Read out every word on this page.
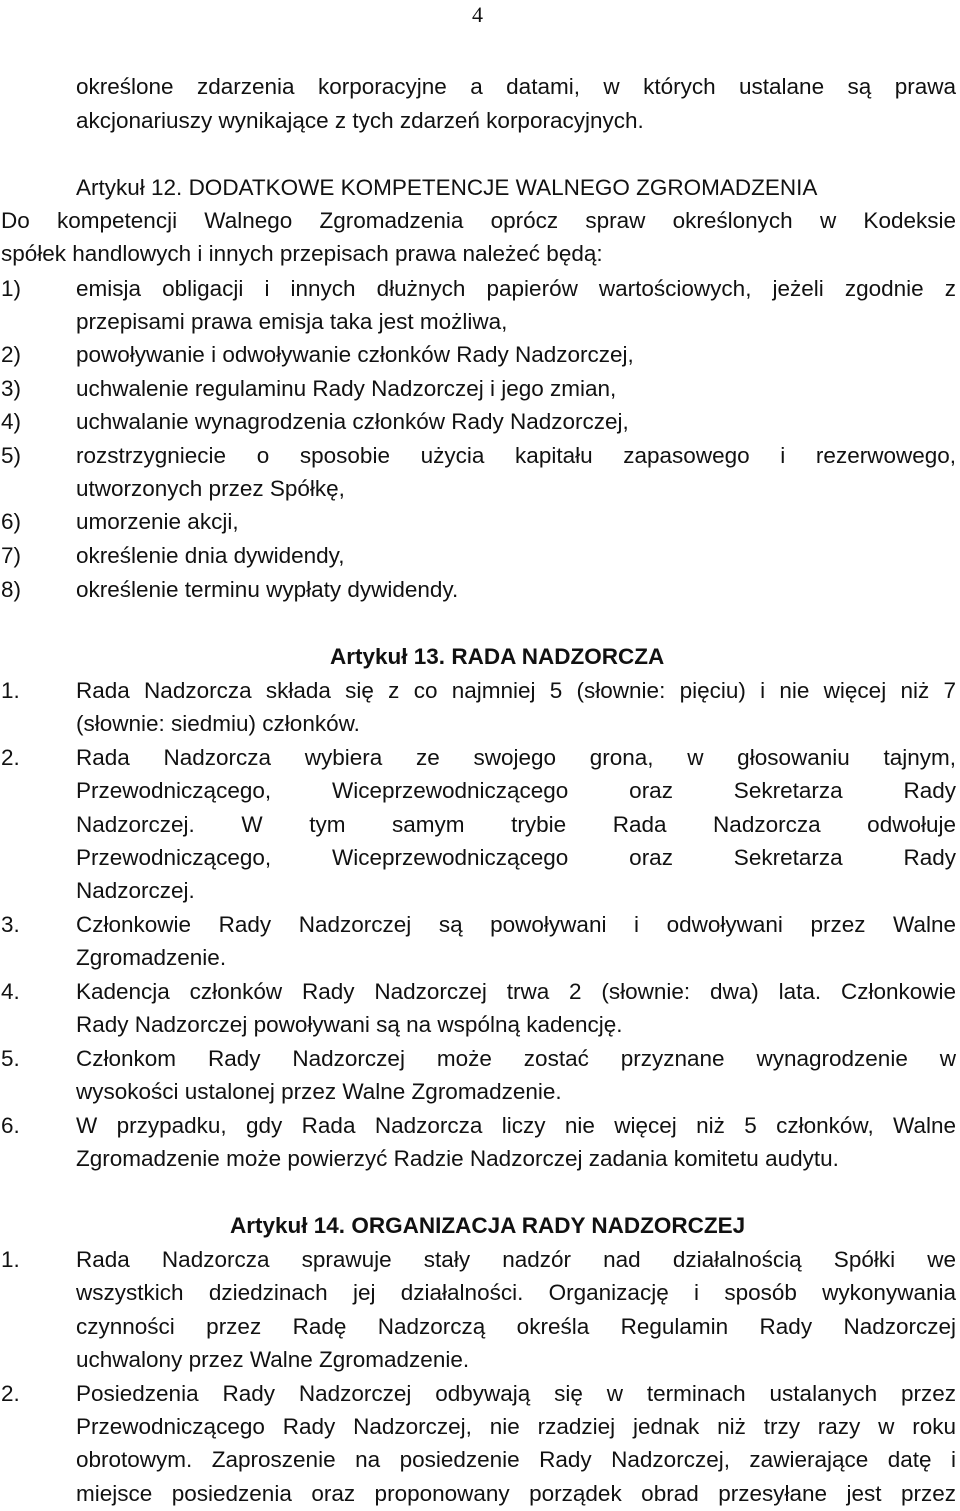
4
określone zdarzenia korporacyjne a datami, w których ustalane są prawa
akcjonariuszy wynikające z tych zdarzeń korporacyjnych.
Artykuł 12. DODATKOWE KOMPETENCJE WALNEGO ZGROMADZENIA
Do kompetencji Walnego Zgromadzenia oprócz spraw określonych w Kodeksie
spółek handlowych i innych przepisach prawa należeć będą:
1) emisja obligacji i innych dłużnych papierów wartościowych, jeżeli zgodnie z
przepisami prawa emisja taka jest możliwa,
2) powoływanie i odwoływanie członków Rady Nadzorczej,
3) uchwalenie regulaminu Rady Nadzorczej i jego zmian,
4) uchwalanie wynagrodzenia członków Rady Nadzorczej,
5) rozstrzygniecie o sposobie użycia kapitału zapasowego i rezerwowego,
utworzonych przez Spółkę,
6) umorzenie akcji,
7) określenie dnia dywidendy,
8) określenie terminu wypłaty dywidendy.
Artykuł 13. RADA NADZORCZA
1. Rada Nadzorcza składa się z co najmniej 5 (słownie: pięciu) i nie więcej niż 7
(słownie: siedmiu) członków.
2. Rada Nadzorcza wybiera ze swojego grona, w głosowaniu tajnym,
Przewodniczącego, Wiceprzewodniczącego oraz Sekretarza Rady
Nadzorczej. W tym samym trybie Rada Nadzorcza odwołuje
Przewodniczącego, Wiceprzewodniczącego oraz Sekretarza Rady
Nadzorczej.
3. Członkowie Rady Nadzorczej są powoływani i odwoływani przez Walne
Zgromadzenie.
4. Kadencja członków Rady Nadzorczej trwa 2 (słownie: dwa) lata. Członkowie
Rady Nadzorczej powoływani są na wspólną kadencję.
5. Członkom Rady Nadzorczej może zostać przyznane wynagrodzenie w
wysokości ustalonej przez Walne Zgromadzenie.
6. W przypadku, gdy Rada Nadzorcza liczy nie więcej niż 5 członków, Walne
Zgromadzenie może powierzyć Radzie Nadzorczej zadania komitetu audytu.
Artykuł 14. ORGANIZACJA RADY NADZORCZEJ
1. Rada Nadzorcza sprawuje stały nadzór nad działalnością Spółki we
wszystkich dziedzinach jej działalności. Organizację i sposób wykonywania
czynności przez Radę Nadzorczą określa Regulamin Rady Nadzorczej
uchwalony przez Walne Zgromadzenie.
2. Posiedzenia Rady Nadzorczej odbywają się w terminach ustalanych przez
Przewodniczącego Rady Nadzorczej, nie rzadziej jednak niż trzy razy w roku
obrotowym. Zaproszenie na posiedzenie Rady Nadzorczej, zawierające datę i
miejsce posiedzenia oraz proponowany porządek obrad przesyłane jest przez
